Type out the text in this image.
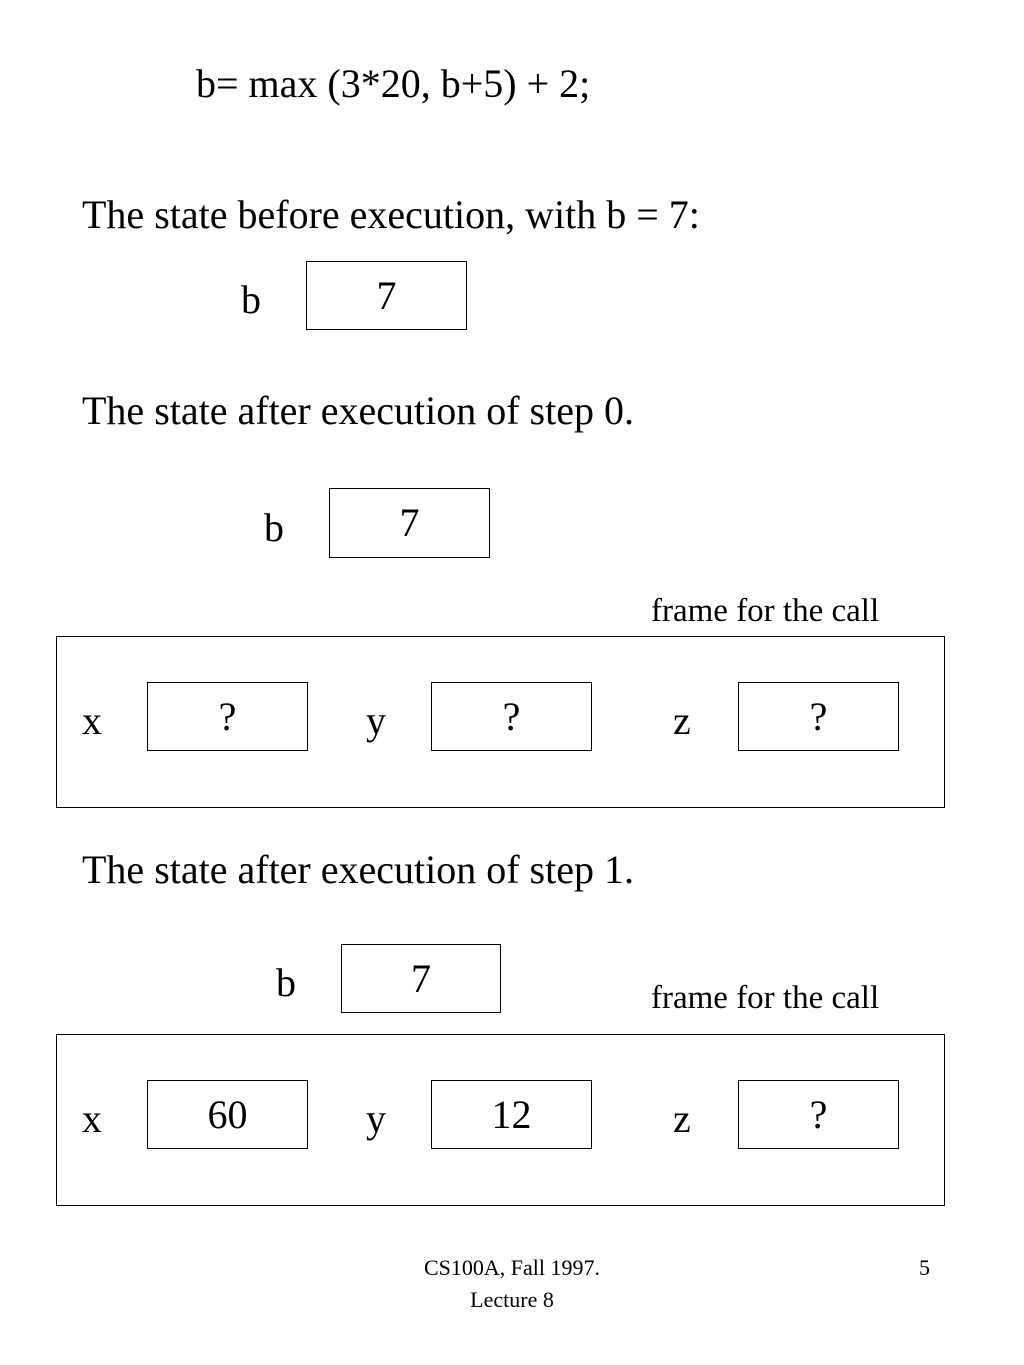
b= max (3*20, b+5) + 2;
The state before execution, with b = 7:
b	7
The state after execution of step 0.
b	7
frame for the call
x	?	y	?	z	?
The state after execution of step 1.
b	7	frame for the call
x	60	y	12	z	?
CS100A, Fall 1997.
Lecture 8
5
